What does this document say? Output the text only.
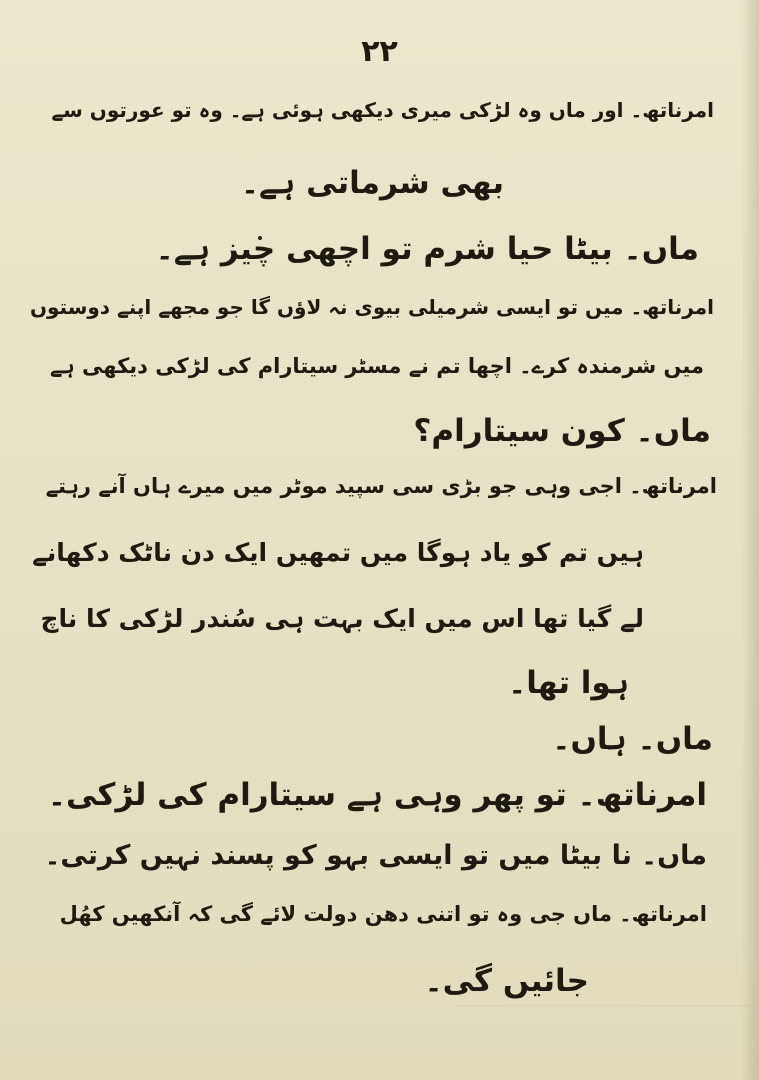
۲۲
امرناتھ۔ اور ماں وہ لڑکی میری دیکھی ہوئی ہے۔ وہ تو عورتوں سے
بھی شرماتی ہے۔
ماں۔ بیٹا حیا شرم تو اچھی چیز ہے۔
امرناتھ۔ میں تو ایسی شرمیلی بیوی نہ لاؤں گا جو مجھے اپنے دوستوں
میں شرمندہ کرے۔ اچھا تم نے مسٹر سیتارام کی لڑکی دیکھی ہے
ماں۔ کون سیتارام؟
امرناتھ۔ اجی وہی جو بڑی سی سپید موٹر میں میرے ہاں آنے رہتے
ہیں تم کو یاد ہوگا میں تمھیں ایک دن ناٹک دکھانے
لے گیا تھا اس میں ایک بہت ہی سُندر لڑکی کا ناچ
ہوا تھا۔
ماں۔ ہاں۔
امرناتھ۔ تو پھر وہی ہے سیتارام کی لڑکی۔
ماں۔ نا بیٹا میں تو ایسی بہو کو پسند نہیں کرتی۔
امرناتھ۔ ماں جی وہ تو اتنی دھن دولت لائے گی کہ آنکھیں کھُل
جائیں گی۔
